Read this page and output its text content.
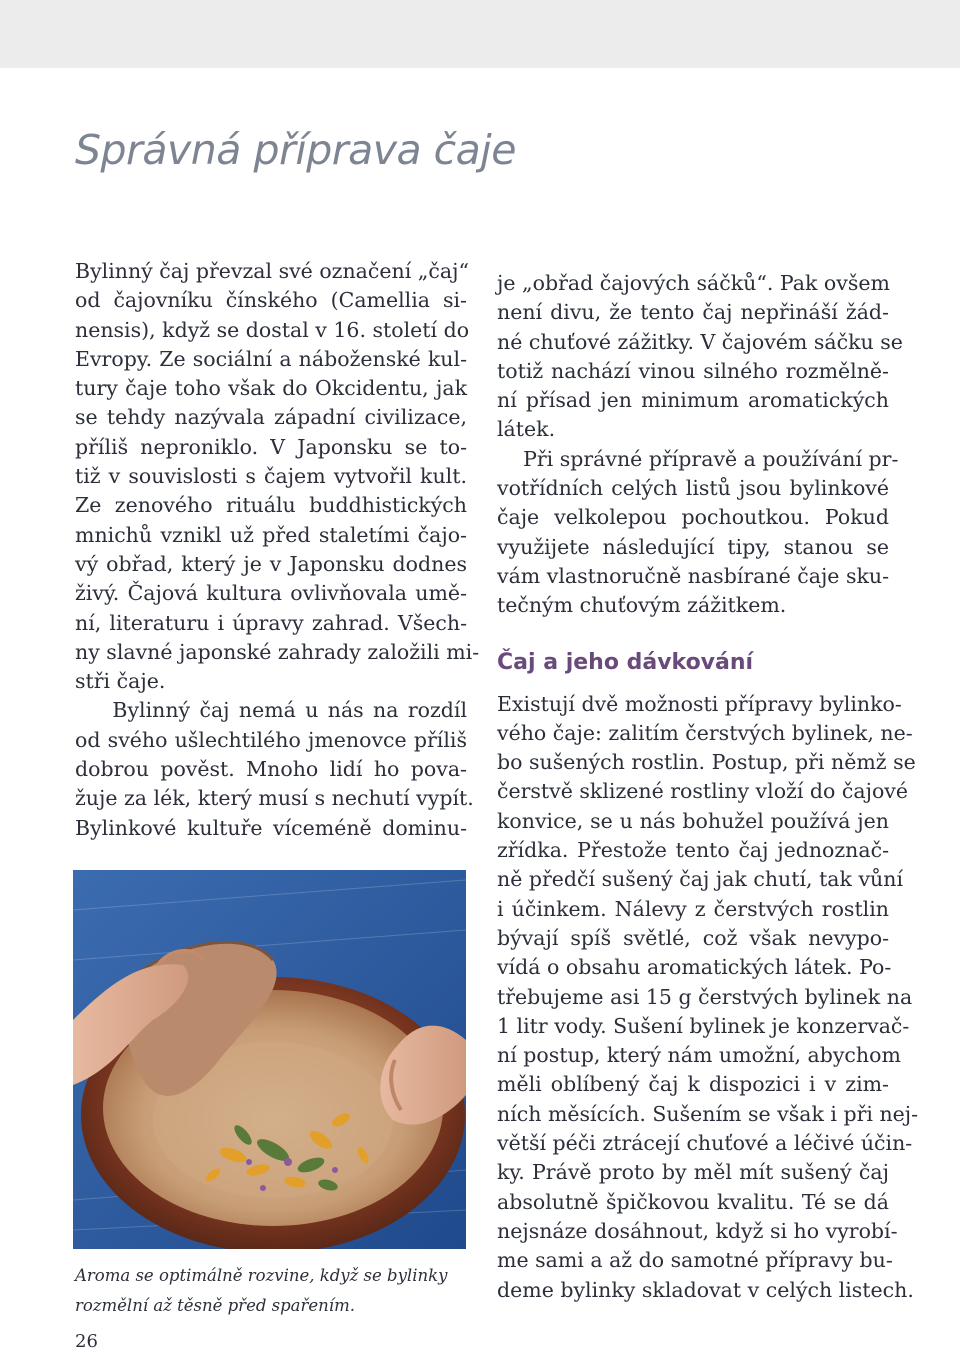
Správná příprava čaje
Bylinný čaj převzal své označení „čaj“
od čajovníku čínského (Camellia si-
nensis), když se dostal v 16. století do
Evropy. Ze sociální a náboženské kul-
tury čaje toho však do Okcidentu, jak
se tehdy nazývala západní civilizace,
příliš neproniklo. V Japonsku se to-
tiž v souvislosti s čajem vytvořil kult.
Ze zenového rituálu buddhistických
mnichů vznikl už před staletími čajo-
vý obřad, který je v Japonsku dodnes
živý. Čajová kultura ovlivňovala umě-
ní, literaturu i úpravy zahrad. Všech-
ny slavné japonské zahrady založili mi-
stři čaje.
Bylinný čaj nemá u nás na rozdíl
od svého ušlechtilého jmenovce příliš
dobrou pověst. Mnoho lidí ho pova-
žuje za lék, který musí s nechutí vypít.
Bylinkové kultuře víceméně dominu-
Aroma se optimálně rozvine, když se bylinky
rozmělní až těsně před spařením.
je „obřad čajových sáčků“. Pak ovšem
není divu, že tento čaj nepřináší žád-
né chuťové zážitky. V čajovém sáčku se
totiž nachází vinou silného rozmělně-
ní přísad jen minimum aromatických
látek.
Při správné přípravě a používání pr-
votřídních celých listů jsou bylinkové
čaje velkolepou pochoutkou. Pokud
využijete následující tipy, stanou se
vám vlastnoručně nasbírané čaje sku-
tečným chuťovým zážitkem.
Čaj a jeho dávkování
Existují dvě možnosti přípravy bylinko-
vého čaje: zalitím čerstvých bylinek, ne-
bo sušených rostlin. Postup, při němž se
čerstvě sklizené rostliny vloží do čajové
konvice, se u nás bohužel používá jen
zřídka. Přestože tento čaj jednoznač-
ně předčí sušený čaj jak chutí, tak vůní
i účinkem. Nálevy z čerstvých rostlin
bývají spíš světlé, což však nevypo-
vídá o obsahu aromatických látek. Po-
třebujeme asi 15 g čerstvých bylinek na
1 litr vody. Sušení bylinek je konzervač-
ní postup, který nám umožní, abychom
měli oblíbený čaj k dispozici i v zim-
ních měsících. Sušením se však i při nej-
větší péči ztrácejí chuťové a léčivé účin-
ky. Právě proto by měl mít sušený čaj
absolutně špičkovou kvalitu. Té se dá
nejsnáze dosáhnout, když si ho vyrobí-
me sami a až do samotné přípravy bu-
deme bylinky skladovat v celých listech.
26
